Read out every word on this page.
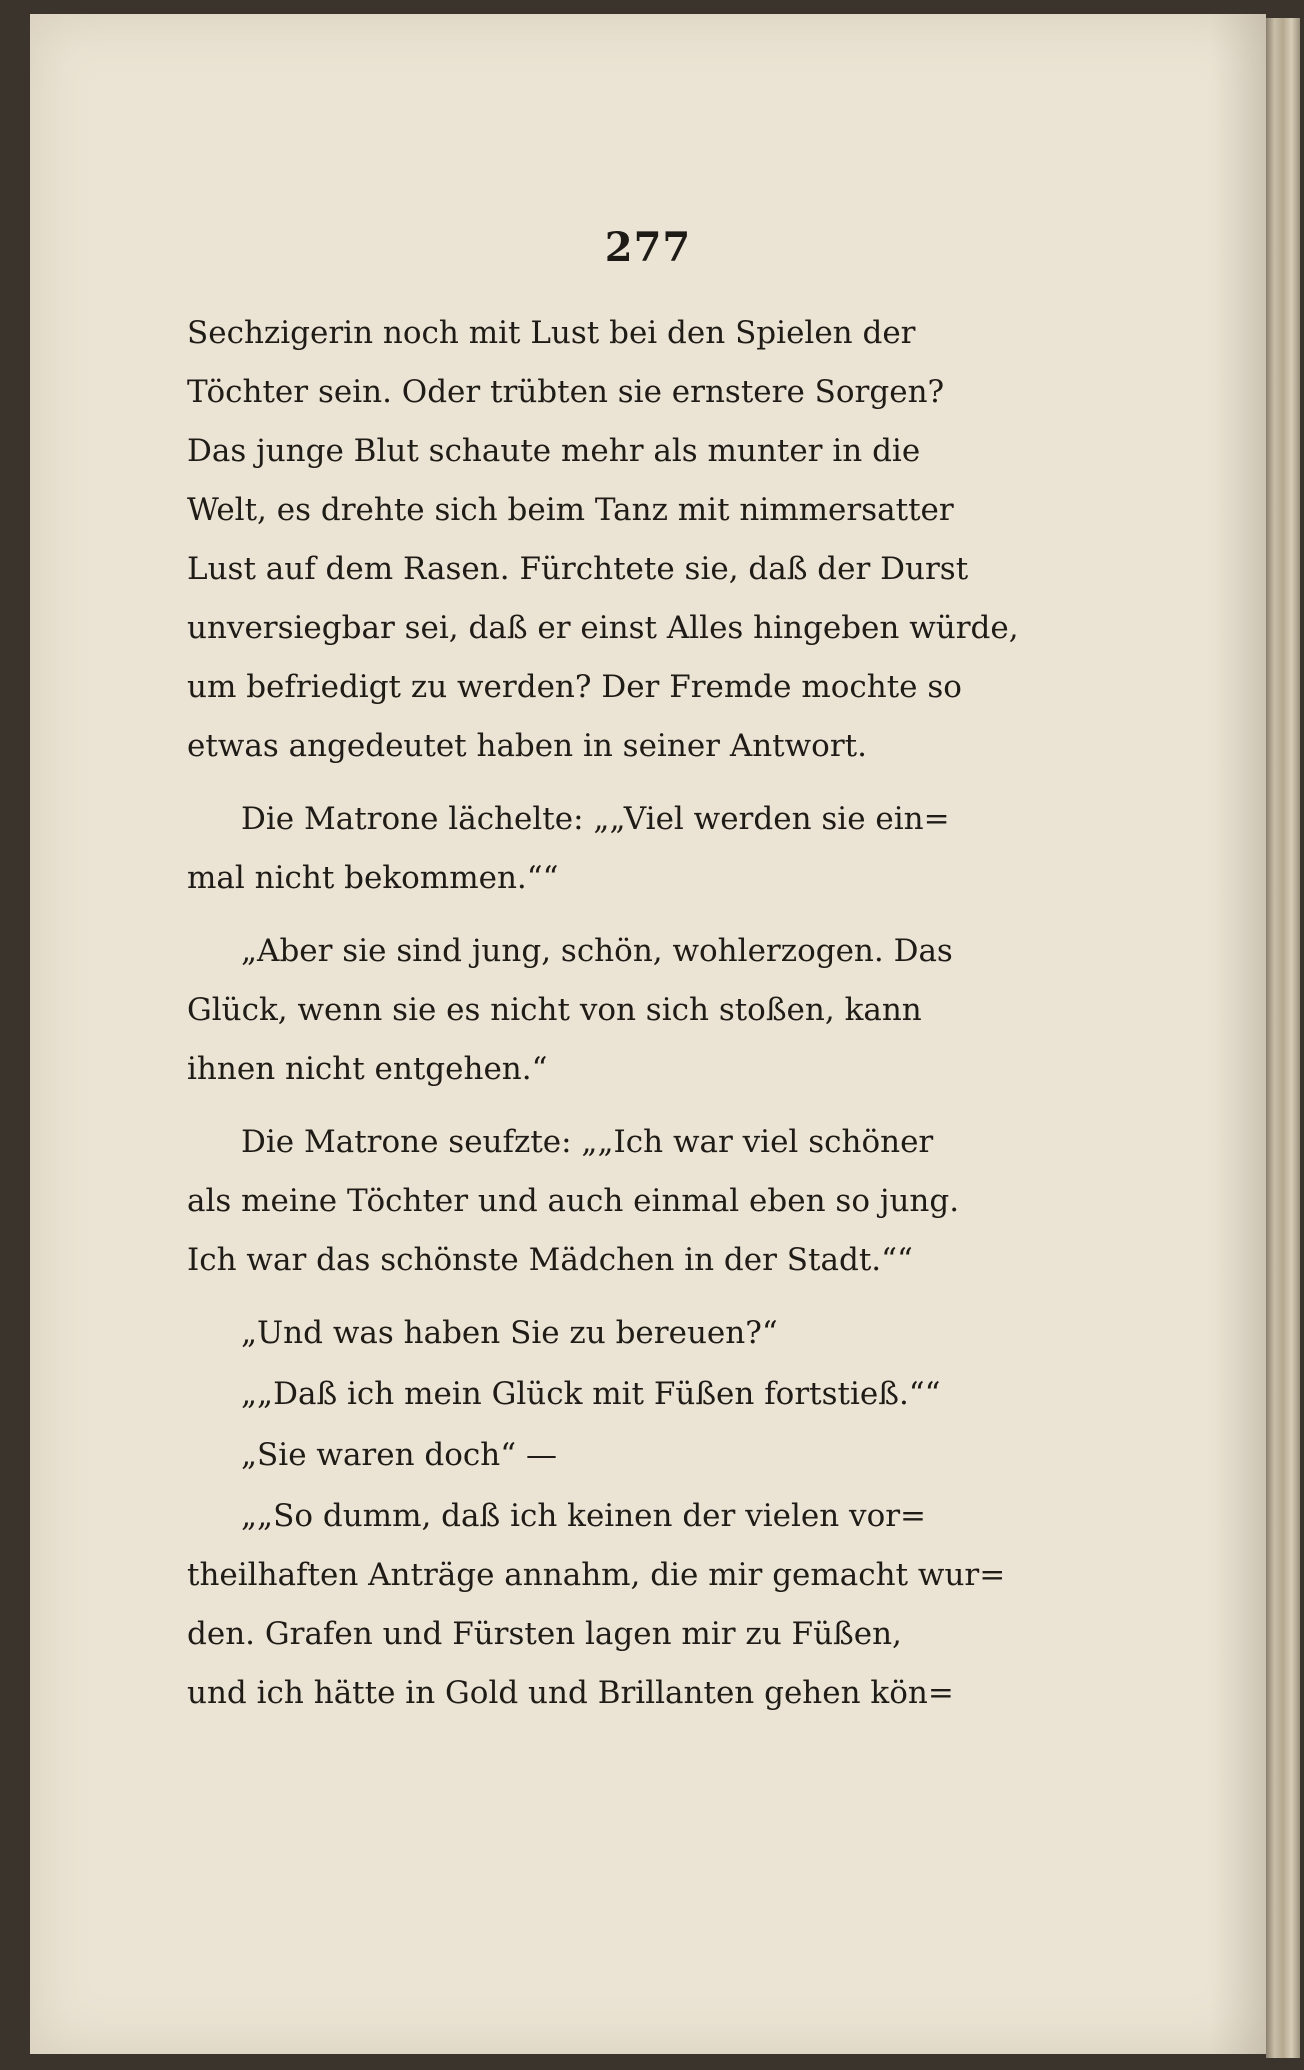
277
Sechzigerin noch mit Lust bei den Spielen der
Töchter sein. Oder trübten sie ernstere Sorgen?
Das junge Blut schaute mehr als munter in die
Welt, es drehte sich beim Tanz mit nimmersatter
Lust auf dem Rasen. Fürchtete sie, daß der Durst
unversiegbar sei, daß er einst Alles hingeben würde,
um befriedigt zu werden? Der Fremde mochte so
etwas angedeutet haben in seiner Antwort.
Die Matrone lächelte: „„Viel werden sie ein=
mal nicht bekommen.““
„Aber sie sind jung, schön, wohlerzogen. Das
Glück, wenn sie es nicht von sich stoßen, kann
ihnen nicht entgehen.“
Die Matrone seufzte: „„Ich war viel schöner
als meine Töchter und auch einmal eben so jung.
Ich war das schönste Mädchen in der Stadt.““
„Und was haben Sie zu bereuen?“
„„Daß ich mein Glück mit Füßen fortstieß.““
„Sie waren doch“ —
„„So dumm, daß ich keinen der vielen vor=
theilhaften Anträge annahm, die mir gemacht wur=
den. Grafen und Fürsten lagen mir zu Füßen,
und ich hätte in Gold und Brillanten gehen kön=
